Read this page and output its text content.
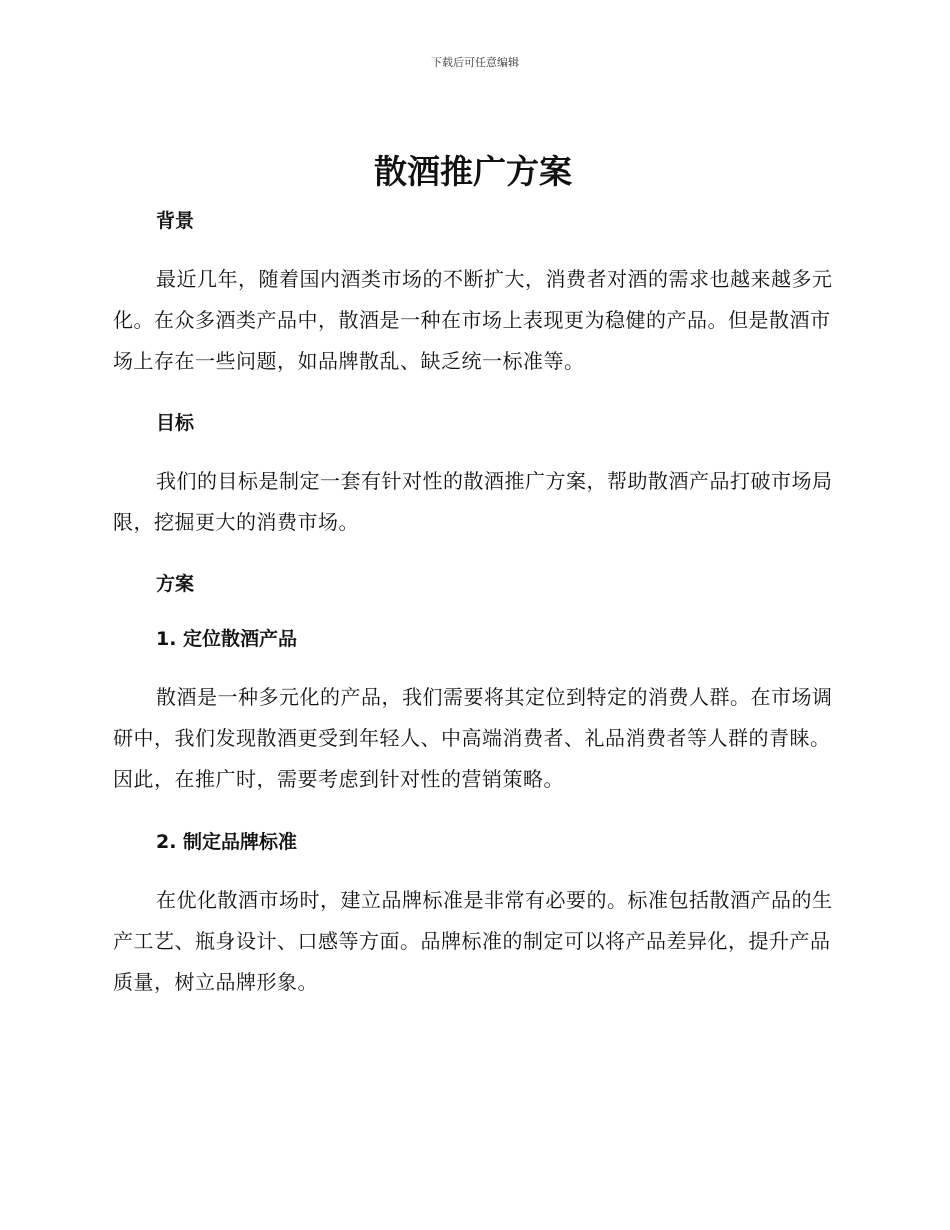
下载后可任意编辑
散酒推广方案
背景

最近几年，随着国内酒类市场的不断扩大，消费者对酒的需求也越来越多元化。在众多酒类产品中，散酒是一种在市场上表现更为稳健的产品。但是散酒市场上存在一些问题，如品牌散乱、缺乏统一标准等。

目标

我们的目标是制定一套有针对性的散酒推广方案，帮助散酒产品打破市场局限，挖掘更大的消费市场。

方案
1. 定位散酒产品

散酒是一种多元化的产品，我们需要将其定位到特定的消费人群。在市场调研中，我们发现散酒更受到年轻人、中高端消费者、礼品消费者等人群的青睐。因此，在推广时，需要考虑到针对性的营销策略。

2. 制定品牌标准

在优化散酒市场时，建立品牌标准是非常有必要的。标准包括散酒产品的生产工艺、瓶身设计、口感等方面。品牌标准的制定可以将产品差异化，提升产品质量，树立品牌形象。
